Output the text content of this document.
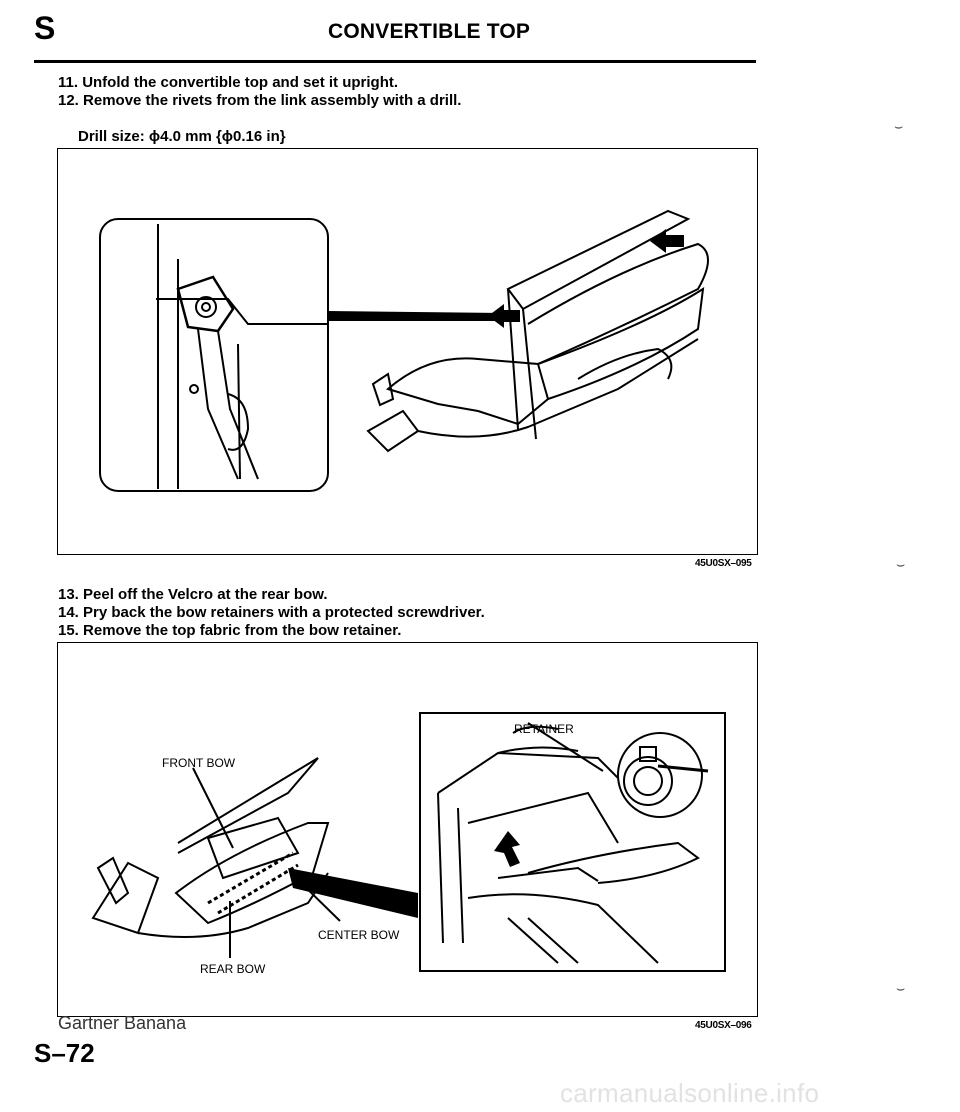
S	CONVERTIBLE TOP
11. Unfold the convertible top and set it upright.
12. Remove the rivets from the link assembly with a drill.
Drill size: ϕ4.0 mm {ϕ0.16 in}
⌣
45U0SX–095	⌣
13. Peel off the Velcro at the rear bow.
14. Pry back the bow retainers with a protected screwdriver.
15. Remove the top fabric from the bow retainer.
RETAINER
FRONT BOW
CENTER BOW
REAR BOW
45U0SX–096
⌣
Gartner Banana
S–72
carmanualsonline.info
